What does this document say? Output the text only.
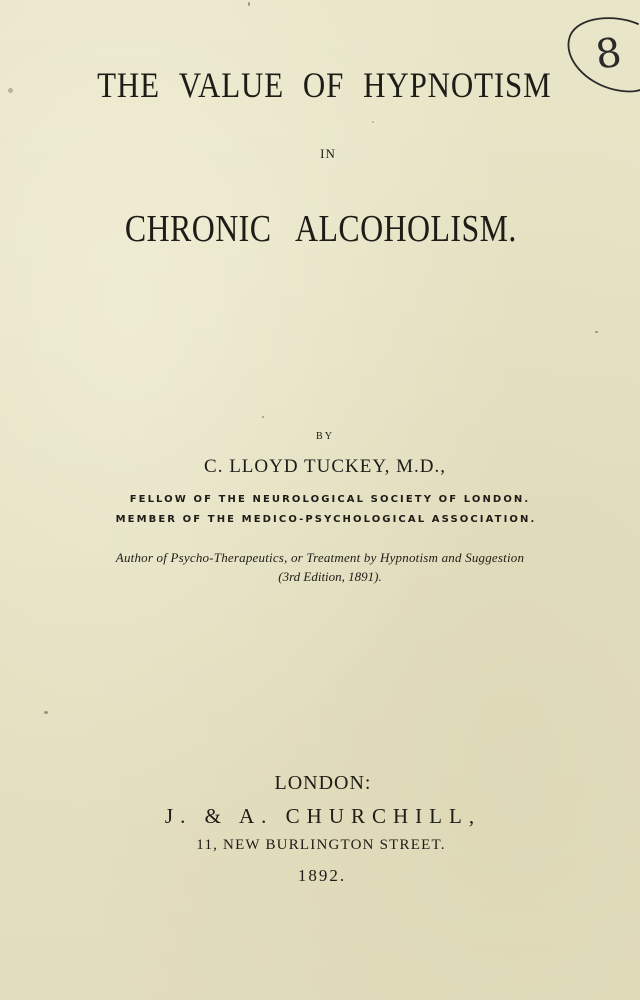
THE VALUE OF HYPNOTISM
IN
CHRONIC ALCOHOLISM.
BY
C. LLOYD TUCKEY, M.D.,
FELLOW OF THE NEUROLOGICAL SOCIETY OF LONDON.
MEMBER OF THE MEDICO-PSYCHOLOGICAL ASSOCIATION.
Author of Psycho-Therapeutics, or Treatment by Hypnotism and Suggestion
(3rd Edition, 1891).
LONDON:
J. & A. CHURCHILL,
11, NEW BURLINGTON STREET.
1892.
8
